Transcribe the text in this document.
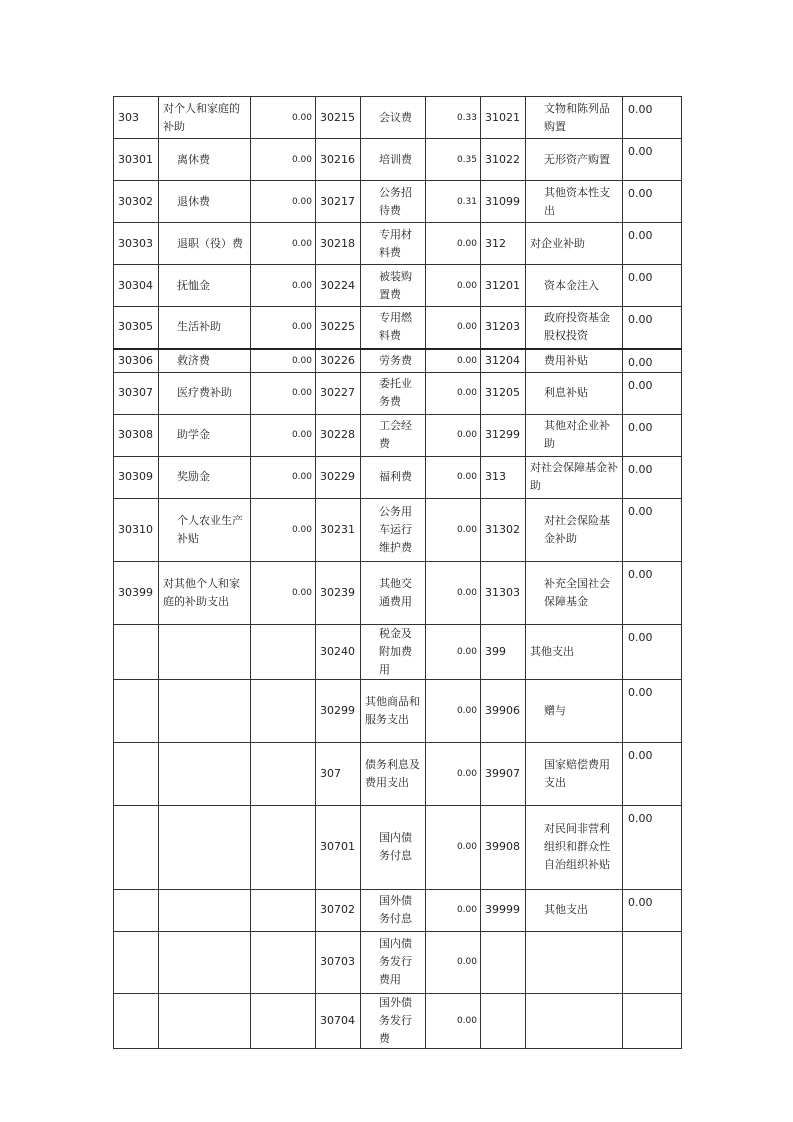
303	对个人和家庭的补助	0.00	30215	会议费	0.33	31021	文物和陈列品购置	0.00
30301	离休费	0.00	30216	培训费	0.35	31022	无形资产购置	0.00
30302	退休费	0.00	30217	公务招待费	0.31	31099	其他资本性支出	0.00
30303	退职（役）费	0.00	30218	专用材料费	0.00	312	对企业补助	0.00
30304	抚恤金	0.00	30224	被装购置费	0.00	31201	资本金注入	0.00
30305	生活补助	0.00	30225	专用燃料费	0.00	31203	政府投资基金股权投资	0.00
30306	救济费	0.00	30226	劳务费	0.00	31204	费用补贴	0.00
30307	医疗费补助	0.00	30227	委托业务费	0.00	31205	利息补贴	0.00
30308	助学金	0.00	30228	工会经费	0.00	31299	其他对企业补助	0.00
30309	奖励金	0.00	30229	福利费	0.00	313	对社会保障基金补助	0.00
30310	个人农业生产补贴	0.00	30231	公务用车运行维护费	0.00	31302	对社会保险基金补助	0.00
30399	对其他个人和家庭的补助支出	0.00	30239	其他交通费用	0.00	31303	补充全国社会保障基金	0.00
			30240	税金及附加费用	0.00	399	其他支出	0.00
			30299	其他商品和服务支出	0.00	39906	赠与	0.00
			307	债务利息及费用支出	0.00	39907	国家赔偿费用支出	0.00
			30701	国内债务付息	0.00	39908	对民间非营利组织和群众性自治组织补贴	0.00
			30702	国外债务付息	0.00	39999	其他支出	0.00
			30703	国内债务发行费用	0.00			
			30704	国外债务发行费	0.00			
